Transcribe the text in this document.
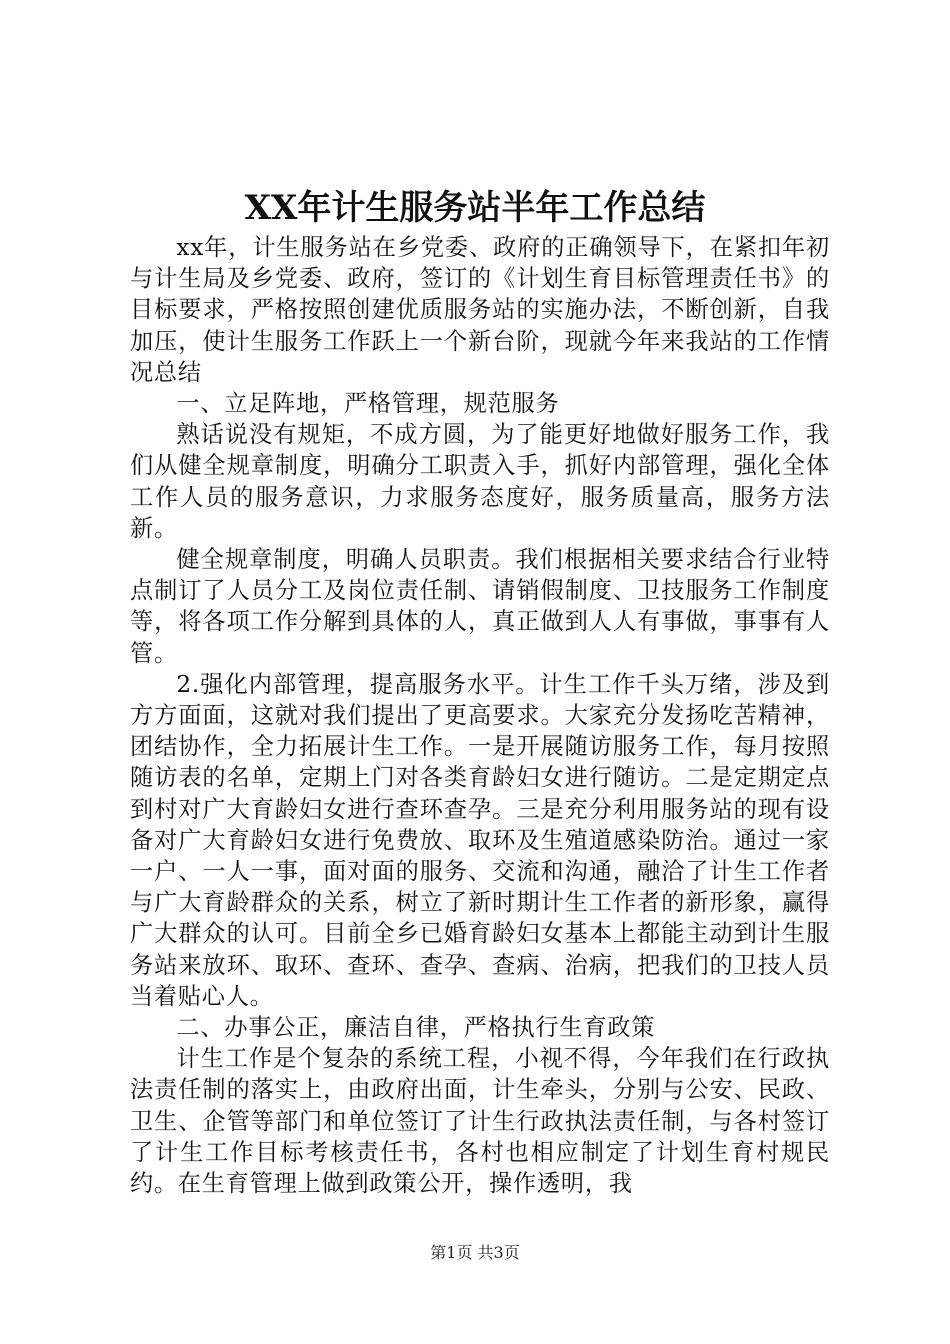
XX年计生服务站半年工作总结

xx年，计生服务站在乡党委、政府的正确领导下，在紧扣年初与计生局及乡党委、政府，签订的《计划生育目标管理责任书》的目标要求，严格按照创建优质服务站的实施办法，不断创新，自我加压，使计生服务工作跃上一个新台阶，现就今年来我站的工作情况总结

一、立足阵地，严格管理，规范服务

熟话说没有规矩，不成方圆，为了能更好地做好服务工作，我们从健全规章制度，明确分工职责入手，抓好内部管理，强化全体工作人员的服务意识，力求服务态度好，服务质量高，服务方法新。

健全规章制度，明确人员职责。我们根据相关要求结合行业特点制订了人员分工及岗位责任制、请销假制度、卫技服务工作制度等，将各项工作分解到具体的人，真正做到人人有事做，事事有人管。

2.强化内部管理，提高服务水平。计生工作千头万绪，涉及到方方面面，这就对我们提出了更高要求。大家充分发扬吃苦精神，团结协作，全力拓展计生工作。一是开展随访服务工作，每月按照随访表的名单，定期上门对各类育龄妇女进行随访。二是定期定点到村对广大育龄妇女进行查环查孕。三是充分利用服务站的现有设备对广大育龄妇女进行免费放、取环及生殖道感染防治。通过一家一户、一人一事，面对面的服务、交流和沟通，融洽了计生工作者与广大育龄群众的关系，树立了新时期计生工作者的新形象，赢得广大群众的认可。目前全乡已婚育龄妇女基本上都能主动到计生服务站来放环、取环、查环、查孕、查病、治病，把我们的卫技人员当着贴心人。

二、办事公正，廉洁自律，严格执行生育政策

计生工作是个复杂的系统工程，小视不得，今年我们在行政执法责任制的落实上，由政府出面，计生牵头，分别与公安、民政、卫生、企管等部门和单位签订了计生行政执法责任制，与各村签订了计生工作目标考核责任书，各村也相应制定了计划生育村规民约。在生育管理上做到政策公开，操作透明，我

第1页 共3页
